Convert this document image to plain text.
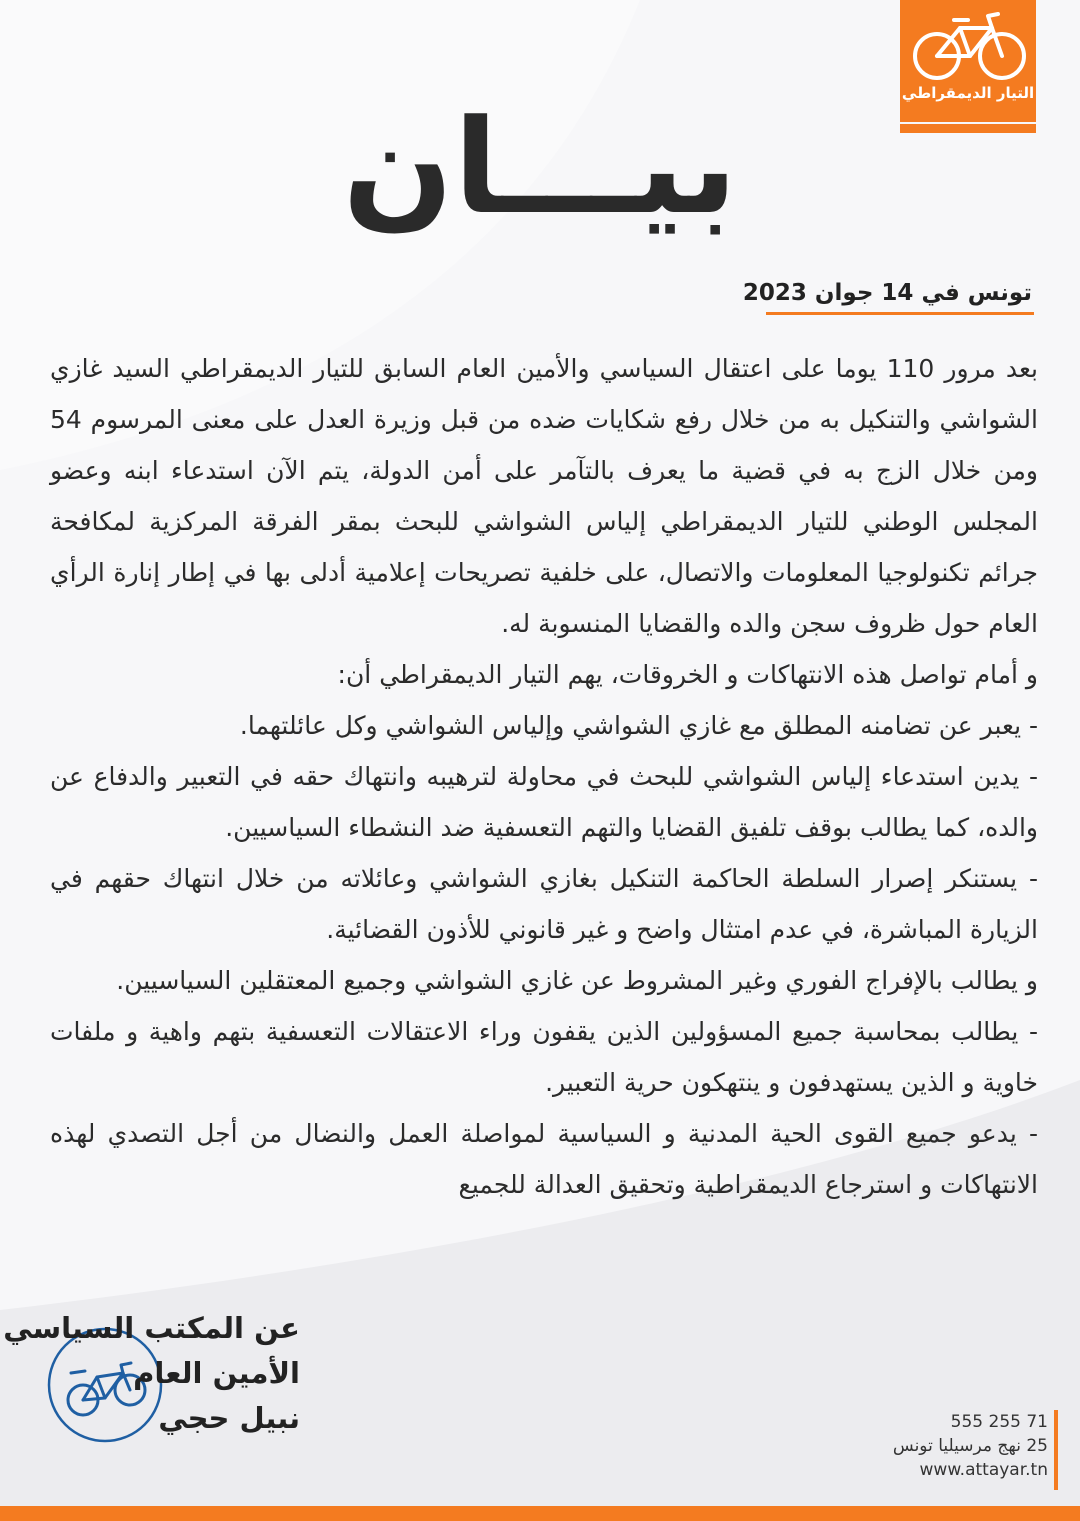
التيار الديمقراطي
بيـــان
تونس في 14 جوان 2023

بعد مرور 110 يوما على اعتقال السياسي والأمين العام السابق للتيار الديمقراطي السيد غازي الشواشي والتنكيل به من خلال رفع شكايات ضده من قبل وزيرة العدل على معنى المرسوم 54 ومن خلال الزج به في قضية ما يعرف بالتآمر على أمن الدولة، يتم الآن استدعاء ابنه وعضو المجلس الوطني للتيار الديمقراطي إلياس الشواشي للبحث بمقر الفرقة المركزية لمكافحة جرائم تكنولوجيا المعلومات والاتصال، على خلفية تصريحات إعلامية أدلى بها في إطار إنارة الرأي العام حول ظروف سجن والده والقضايا المنسوبة له.

و أمام تواصل هذه الانتهاكات و الخروقات، يهم التيار الديمقراطي أن:

- يعبر عن تضامنه المطلق مع غازي الشواشي وإلياس الشواشي وكل عائلتهما.

- يدين استدعاء إلياس الشواشي للبحث في محاولة لترهيبه وانتهاك حقه في التعبير والدفاع عن والده، كما يطالب بوقف تلفيق القضايا والتهم التعسفية ضد النشطاء السياسيين.

- يستنكر إصرار السلطة الحاكمة التنكيل بغازي الشواشي وعائلاته من خلال انتهاك حقهم في الزيارة المباشرة، في عدم امتثال واضح و غير قانوني للأذون القضائية.

و يطالب بالإفراج الفوري وغير المشروط عن غازي الشواشي وجميع المعتقلين السياسيين.

- يطالب بمحاسبة جميع المسؤولين الذين يقفون وراء الاعتقالات التعسفية بتهم واهية و ملفات خاوية و الذين يستهدفون و ينتهكون حرية التعبير.

- يدعو جميع القوى الحية المدنية و السياسية لمواصلة العمل والنضال من أجل التصدي لهذه الانتهاكات و استرجاع الديمقراطية وتحقيق العدالة للجميع

عن المكتب السياسي
الأمين العام
نبيل حجي	71 255 555
25 نهج مرسيليا تونس
www.attayar.tn
